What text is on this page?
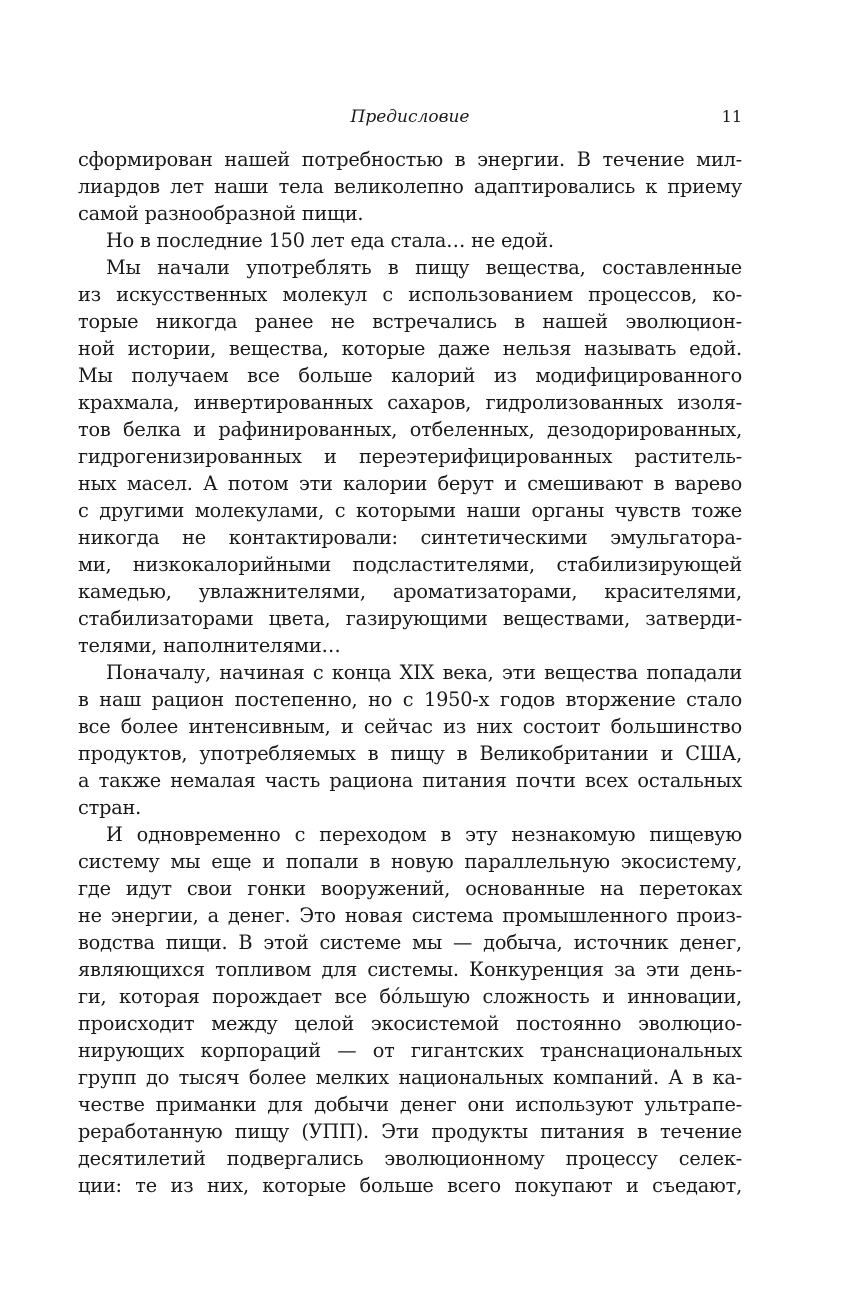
Предисловие	11
сформирован нашей потребностью в энергии. В течение мил-
лиардов лет наши тела великолепно адаптировались к приему
самой разнообразной пищи.
Но в последние 150 лет еда стала… не едой.
Мы начали употреблять в пищу вещества, составленные
из искусственных молекул с использованием процессов, ко-
торые никогда ранее не встречались в нашей эволюцион-
ной истории, вещества, которые даже нельзя называть едой.
Мы получаем все больше калорий из модифицированного
крахмала, инвертированных сахаров, гидролизованных изоля-
тов белка и рафинированных, отбеленных, дезодорированных,
гидрогенизированных и переэтерифицированных раститель-
ных масел. А потом эти калории берут и смешивают в варево
с другими молекулами, с которыми наши органы чувств тоже
никогда не контактировали: синтетическими эмульгатора-
ми, низкокалорийными подсластителями, стабилизирующей
камедью, увлажнителями, ароматизаторами, красителями,
стабилизаторами цвета, газирующими веществами, затверди-
телями, наполнителями…
Поначалу, начиная с конца XIX века, эти вещества попадали
в наш рацион постепенно, но с 1950-х годов вторжение стало
все более интенсивным, и сейчас из них состоит большинство
продуктов, употребляемых в пищу в Великобритании и США,
а также немалая часть рациона питания почти всех остальных
стран.
И одновременно с переходом в эту незнакомую пищевую
систему мы еще и попали в новую параллельную экосистему,
где идут свои гонки вооружений, основанные на перетоках
не энергии, а денег. Это новая система промышленного произ-
водства пищи. В этой системе мы — добыча, источник денег,
являющихся топливом для системы. Конкуренция за эти день-
ги, которая порождает все бóльшую сложность и инновации,
происходит между целой экосистемой постоянно эволюцио-
нирующих корпораций — от гигантских транснациональных
групп до тысяч более мелких национальных компаний. А в ка-
честве приманки для добычи денег они используют ультрапе-
реработанную пищу (УПП). Эти продукты питания в течение
десятилетий подвергались эволюционному процессу селек-
ции: те из них, которые больше всего покупают и съедают,
